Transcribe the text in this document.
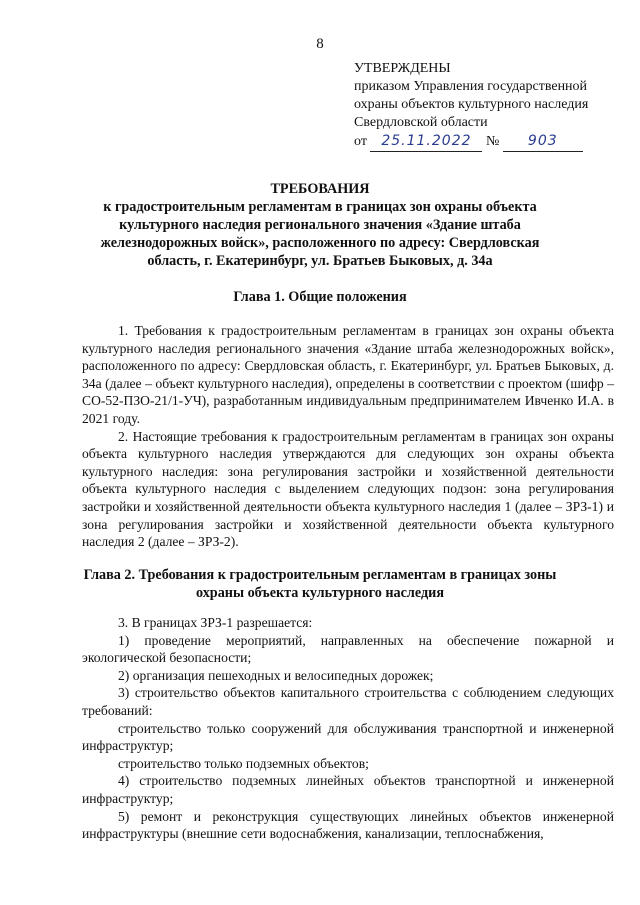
8
УТВЕРЖДЕНЫ
приказом Управления государственной
охраны объектов культурного наследия
Свердловской области
от 25.11.2022 № 903
ТРЕБОВАНИЯ
к градостроительным регламентам в границах зон охраны объекта культурного наследия регионального значения «Здание штаба железнодорожных войск», расположенного по адресу: Свердловская область, г. Екатеринбург, ул. Братьев Быковых, д. 34а
Глава 1. Общие положения

1. Требования к градостроительным регламентам в границах зон охраны объекта культурного наследия регионального значения «Здание штаба железнодорожных войск», расположенного по адресу: Свердловская область, г. Екатеринбург, ул. Братьев Быковых, д. 34а (далее – объект культурного наследия), определены в соответствии с проектом (шифр – СО-52-ПЗО-21/1-УЧ), разработанным индивидуальным предпринимателем Ивченко И.А. в 2021 году.

2. Настоящие требования к градостроительным регламентам в границах зон охраны объекта культурного наследия утверждаются для следующих зон охраны объекта культурного наследия: зона регулирования застройки и хозяйственной деятельности объекта культурного наследия с выделением следующих подзон: зона регулирования застройки и хозяйственной деятельности объекта культурного наследия 1 (далее – ЗРЗ-1) и зона регулирования застройки и хозяйственной деятельности объекта культурного наследия 2 (далее – ЗРЗ-2).

Глава 2. Требования к градостроительным регламентам в границах зоны охраны объекта культурного наследия

3. В границах ЗРЗ-1 разрешается:

1) проведение мероприятий, направленных на обеспечение пожарной и экологической безопасности;

2) организация пешеходных и велосипедных дорожек;

3) строительство объектов капитального строительства с соблюдением следующих требований:

строительство только сооружений для обслуживания транспортной и инженерной инфраструктур;

строительство только подземных объектов;

4) строительство подземных линейных объектов транспортной и инженерной инфраструктур;

5) ремонт и реконструкция существующих линейных объектов инженерной инфраструктуры (внешние сети водоснабжения, канализации, теплоснабжения,
